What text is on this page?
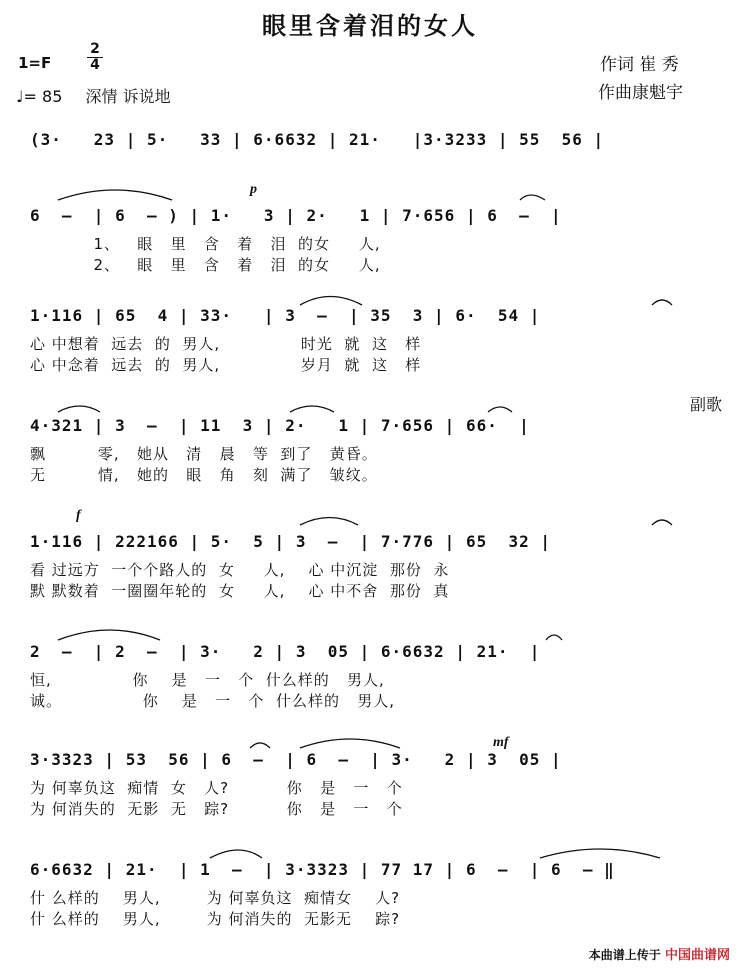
眼里含着泪的女人
1=F
2
4
♩= 85 深情 诉说地
作词 崔 秀
作曲康魁宇
(3·   23 | 5·   33 | 6·6632 | 21·   |3·3233 | 55  56 |
p
6  –  | 6  – ) | 1·   3 | 2·   1 | 7·656 | 6  –  |
1、   眼   里   含   着   泪  的女     人,
2、   眼   里   含   着   泪  的女     人,
1·116 | 65  4 | 33·   | 3  –  | 35  3 | 6·  54 |
心 中想着  远去  的  男人,              时光  就  这   样
心 中念着  远去  的  男人,              岁月  就  这   样
副歌
4·321 | 3  –  | 11  3 | 2·   1 | 7·656 | 66·  |
飘         零,   她从   清   晨   等  到了   黄昏。
无         情,   她的   眼   角   刻  满了   皱纹。
f
1·116 | 222166 | 5·  5 | 3  –  | 7·776 | 65  32 |
看 过远方  一个个路人的  女     人,    心 中沉淀  那份  永
默 默数着  一圈圈年轮的  女     人,    心 中不舍  那份  真
2  –  | 2  –  | 3·   2 | 3  05 | 6·6632 | 21·  |
恒,              你    是   一   个  什么样的   男人,
诚。              你    是   一   个  什么样的   男人,
mf
3·3323 | 53  56 | 6  –  | 6  –  | 3·   2 | 3  05 |
为 何辜负这  痴情  女   人?          你   是   一   个
为 何消失的  无影  无   踪?          你   是   一   个
6·6632 | 21·  | 1  –  | 3·3323 | 77 17 | 6  –  | 6  – ‖
什 么样的    男人,        为 何辜负这  痴情女    人?
什 么样的    男人,        为 何消失的  无影无    踪?
本曲谱上传于 中国曲谱网
